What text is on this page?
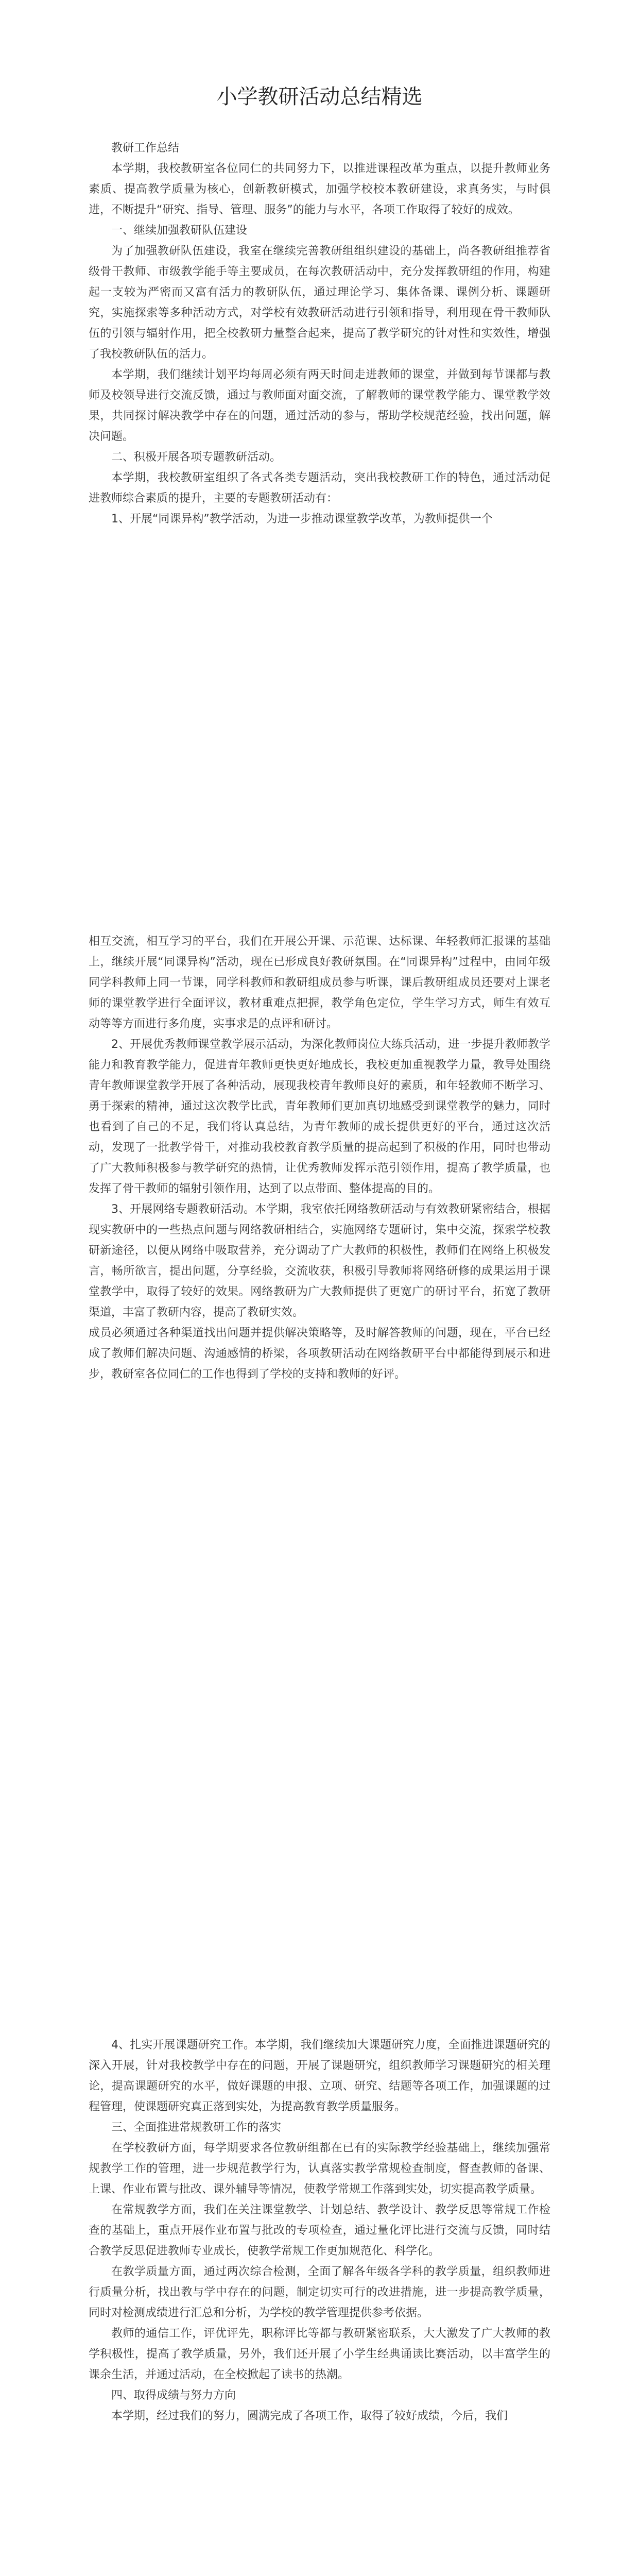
小学教研活动总结精选

教研工作总结

本学期，我校教研室各位同仁的共同努力下，以推进课程改革为重点，以提升教师业务素质、提高教学质量为核心，创新教研模式，加强学校校本教研建设，求真务实，与时俱进，不断提升“研究、指导、管理、服务”的能力与水平，各项工作取得了较好的成效。

一、继续加强教研队伍建设

为了加强教研队伍建设，我室在继续完善教研组组织建设的基础上，尚各教研组推荐省级骨干教师、市级教学能手等主要成员，在每次教研活动中，充分发挥教研组的作用，构建起一支较为严密而又富有活力的教研队伍，通过理论学习、集体备课、课例分析、课题研究，实施探索等多种活动方式，对学校有效教研活动进行引领和指导，利用现在骨干教师队伍的引领与辐射作用，把全校教研力量整合起来，提高了教学研究的针对性和实效性，增强了我校教研队伍的活力。

本学期，我们继续计划平均每周必须有两天时间走进教师的课堂，并做到每节课都与教师及校领导进行交流反馈，通过与教师面对面交流，了解教师的课堂教学能力、课堂教学效果，共同探讨解决教学中存在的问题，通过活动的参与，帮助学校规范经验，找出问题，解决问题。

二、积极开展各项专题教研活动。

本学期，我校教研室组织了各式各类专题活动，突出我校教研工作的特色，通过活动促进教师综合素质的提升，主要的专题教研活动有：

1、开展“同课异构”教学活动，为进一步推动课堂教学改革，为教师提供一个

相互交流，相互学习的平台，我们在开展公开课、示范课、达标课、年轻教师汇报课的基础上，继续开展“同课异构”活动，现在已形成良好教研氛围。在“同课异构”过程中，由同年级同学科教师上同一节课，同学科教师和教研组成员参与听课，课后教研组成员还要对上课老师的课堂教学进行全面评议，教材重难点把握，教学角色定位，学生学习方式，师生有效互动等等方面进行多角度，实事求是的点评和研讨。

2、开展优秀教师课堂教学展示活动，为深化教师岗位大练兵活动，进一步提升教师教学能力和教育教学能力，促进青年教师更快更好地成长，我校更加重视教学力量，教导处围绕青年教师课堂教学开展了各种活动，展现我校青年教师良好的素质，和年轻教师不断学习、勇于探索的精神，通过这次教学比武，青年教师们更加真切地感受到课堂教学的魅力，同时也看到了自己的不足，我们将认真总结，为青年教师的成长提供更好的平台，通过这次活动，发现了一批教学骨干，对推动我校教育教学质量的提高起到了积极的作用，同时也带动了广大教师积极参与教学研究的热情，让优秀教师发挥示范引领作用，提高了教学质量，也发挥了骨干教师的辐射引领作用，达到了以点带面、整体提高的目的。

3、开展网络专题教研活动。本学期，我室依托网络教研活动与有效教研紧密结合，根据现实教研中的一些热点问题与网络教研相结合，实施网络专题研讨，集中交流，探索学校教研新途径，以便从网络中吸取营养，充分调动了广大教师的积极性，教师们在网络上积极发言，畅所欲言，提出问题，分享经验，交流收获，积极引导教师将网络研修的成果运用于课堂教学中，取得了较好的效果。网络教研为广大教师提供了更宽广的研讨平台，拓宽了教研渠道，丰富了教研内容，提高了教研实效。

成员必须通过各种渠道找出问题并提供解决策略等，及时解答教师的问题，现在，平台已经成了教师们解决问题、沟通感情的桥梁，各项教研活动在网络教研平台中都能得到展示和进步，教研室各位同仁的工作也得到了学校的支持和教师的好评。

4、扎实开展课题研究工作。本学期，我们继续加大课题研究力度，全面推进课题研究的深入开展，针对我校教学中存在的问题，开展了课题研究，组织教师学习课题研究的相关理论，提高课题研究的水平，做好课题的申报、立项、研究、结题等各项工作，加强课题的过程管理，使课题研究真正落到实处，为提高教育教学质量服务。

三、全面推进常规教研工作的落实

在学校教研方面，每学期要求各位教研组都在已有的实际教学经验基础上，继续加强常规教学工作的管理，进一步规范教学行为，认真落实教学常规检查制度，督查教师的备课、上课、作业布置与批改、课外辅导等情况，使教学常规工作落到实处，切实提高教学质量。

在常规教学方面，我们在关注课堂教学、计划总结、教学设计、教学反思等常规工作检查的基础上，重点开展作业布置与批改的专项检查，通过量化评比进行交流与反馈，同时结合教学反思促进教师专业成长，使教学常规工作更加规范化、科学化。

在教学质量方面，通过两次综合检测，全面了解各年级各学科的教学质量，组织教师进行质量分析，找出教与学中存在的问题，制定切实可行的改进措施，进一步提高教学质量，同时对检测成绩进行汇总和分析，为学校的教学管理提供参考依据。

教师的通信工作，评优评先，职称评比等都与教研紧密联系，大大激发了广大教师的教学积极性，提高了教学质量，另外，我们还开展了小学生经典诵读比赛活动，以丰富学生的课余生活，并通过活动，在全校掀起了读书的热潮。

四、取得成绩与努力方向

本学期，经过我们的努力，圆满完成了各项工作，取得了较好成绩，今后，我们
